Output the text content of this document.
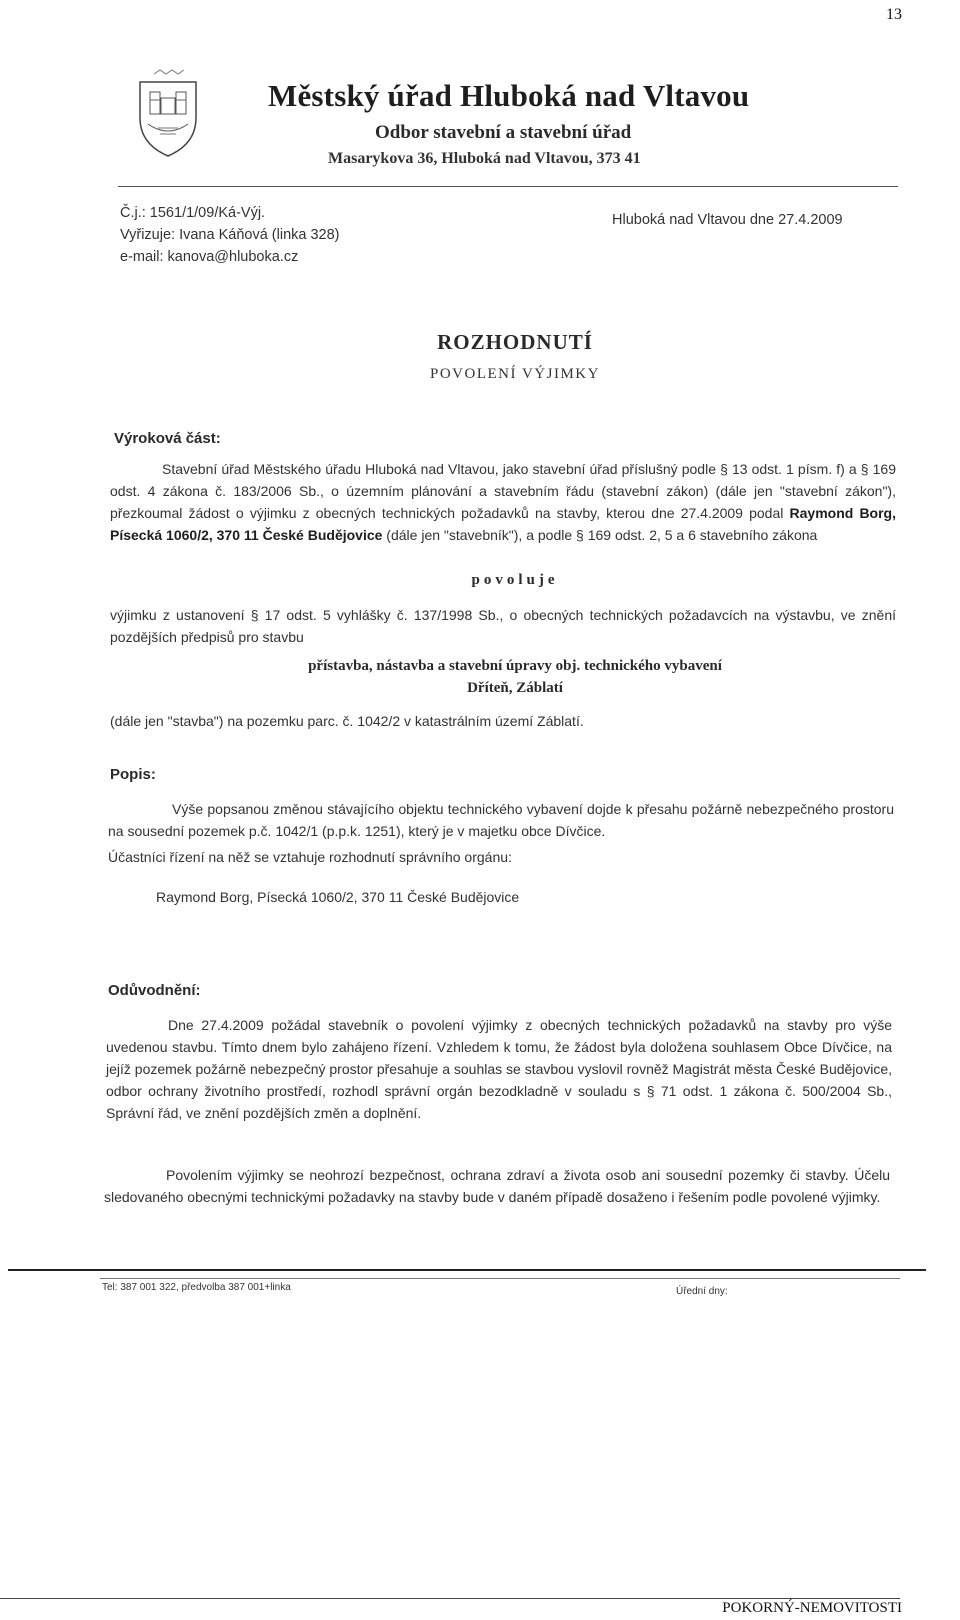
13
Městský úřad Hluboká nad Vltavou
Odbor stavební a stavební úřad
Masarykova 36, Hluboká nad Vltavou, 373 41
Č.j.: 1561/1/09/Ká-Výj.
Vyřizuje: Ivana Káňová (linka 328)
e-mail: kanova@hluboka.cz
Hluboká nad Vltavou dne 27.4.2009
ROZHODNUTÍ
POVOLENÍ VÝJIMKY
Výroková část:
Stavební úřad Městského úřadu Hluboká nad Vltavou, jako stavební úřad příslušný podle § 13 odst. 1 písm. f) a § 169 odst. 4 zákona č. 183/2006 Sb., o územním plánování a stavebním řádu (stavební zákon) (dále jen "stavební zákon"), přezkoumal žádost o výjimku z obecných technických požadavků na stavby, kterou dne 27.4.2009 podal Raymond Borg, Písecká 1060/2, 370 11 České Budějovice (dále jen "stavebník"), a podle § 169 odst. 2, 5 a 6 stavebního zákona
povoluje
výjimku z ustanovení § 17 odst. 5 vyhlášky č. 137/1998 Sb., o obecných technických požadavcích na výstavbu, ve znění pozdějších předpisů pro stavbu
přístavba, nástavba a stavební úpravy obj. technického vybavení
Dříteň, Záblatí
(dále jen "stavba") na pozemku parc. č. 1042/2 v katastrálním území Záblatí.
Popis:
Výše popsanou změnou stávajícího objektu technického vybavení dojde k přesahu požárně nebezpečného prostoru na sousední pozemek p.č. 1042/1 (p.p.k. 1251), který je v majetku obce Dívčice.
Účastníci řízení na něž se vztahuje rozhodnutí správního orgánu:
Raymond Borg, Písecká 1060/2, 370 11 České Budějovice
Odůvodnění:
Dne 27.4.2009 požádal stavebník o povolení výjimky z obecných technických požadavků na stavby pro výše uvedenou stavbu. Tímto dnem bylo zahájeno řízení. Vzhledem k tomu, že žádost byla doložena souhlasem Obce Dívčice, na jejíž pozemek požárně nebezpečný prostor přesahuje a souhlas se stavbou vyslovil rovněž Magistrát města České Budějovice, odbor ochrany životního prostředí, rozhodl správní orgán bezodkladně v souladu s § 71 odst. 1 zákona č. 500/2004 Sb., Správní řád, ve znění pozdějších změn a doplnění.
Povolením výjimky se neohrozí bezpečnost, ochrana zdraví a života osob ani sousední pozemky či stavby. Účelu sledovaného obecnými technickými požadavky na stavby bude v daném případě dosaženo i řešením podle povolené výjimky.
Tel: 387 001 322, předvolba 387 001+linka	Úřední dny:
POKORNÝ-NEMOVITOSTI
